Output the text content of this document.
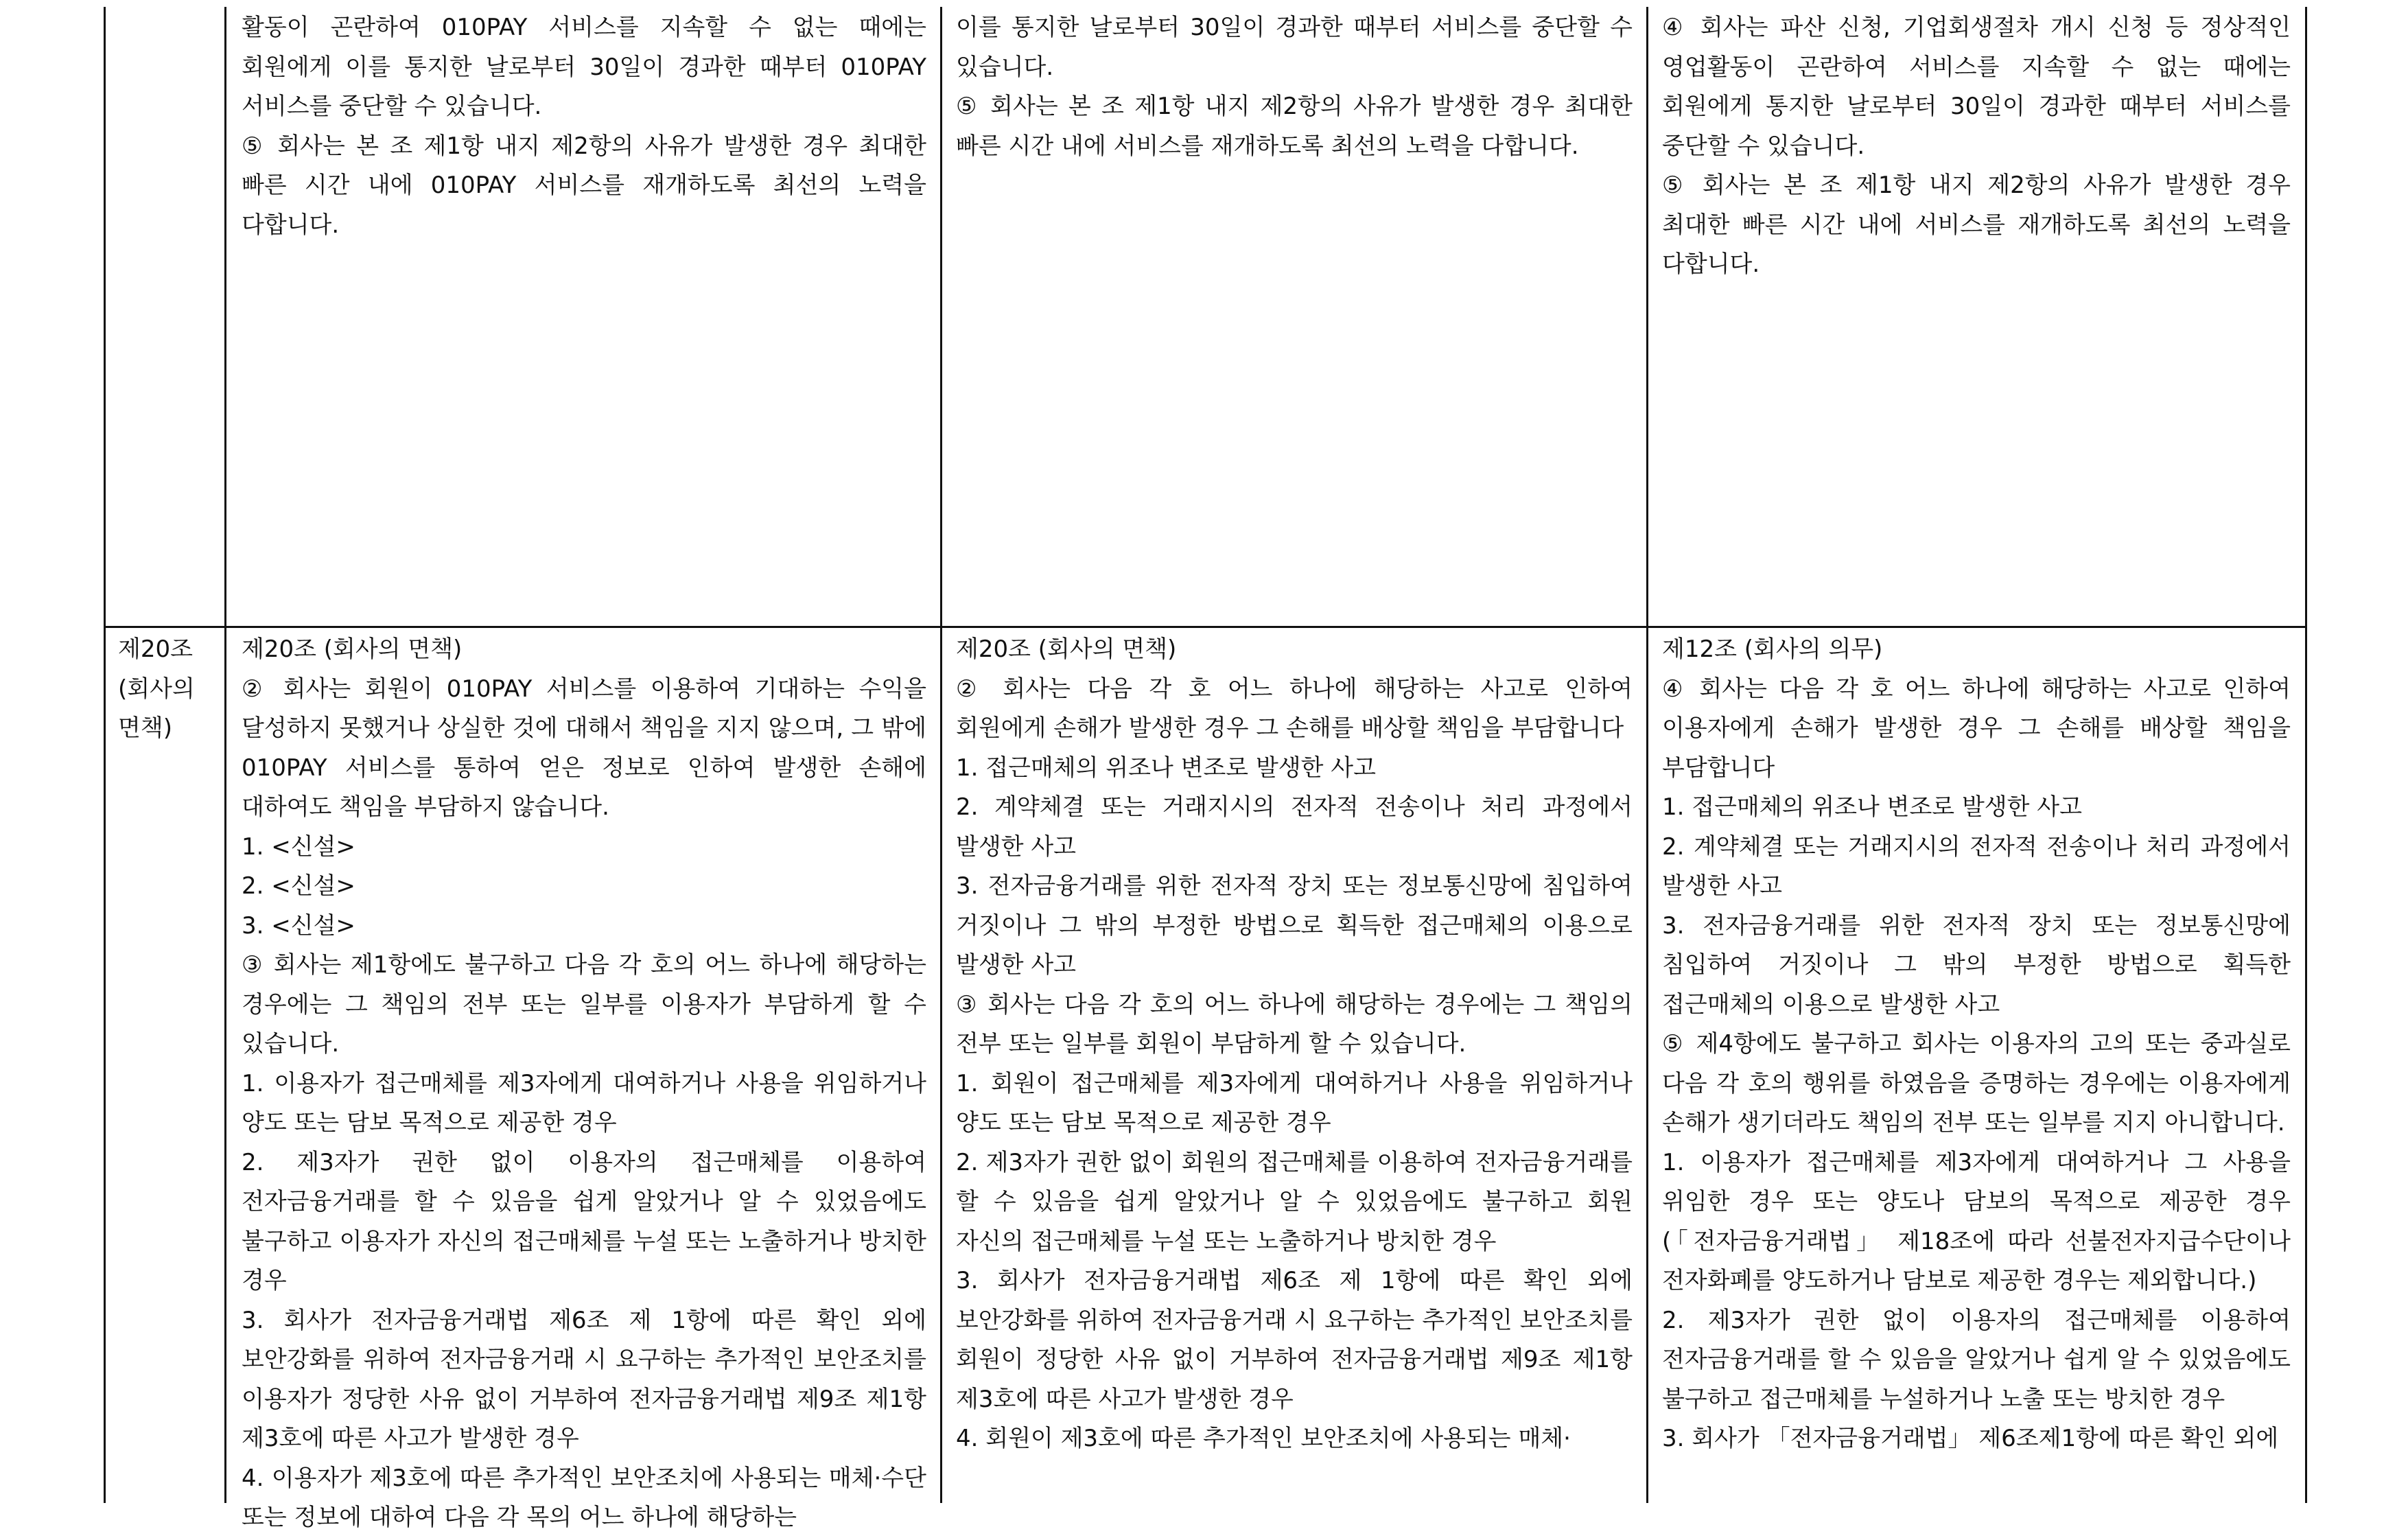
활동이 곤란하여 010PAY 서비스를 지속할 수 없는 때에는 회원에게 이를 통지한 날로부터 30일이 경과한 때부터 010PAY 서비스를 중단할 수 있습니다.
⑤ 회사는 본 조 제1항 내지 제2항의 사유가 발생한 경우 최대한 빠른 시간 내에 010PAY 서비스를 재개하도록 최선의 노력을 다합니다.
이를 통지한 날로부터 30일이 경과한 때부터 서비스를 중단할 수 있습니다.
⑤ 회사는 본 조 제1항 내지 제2항의 사유가 발생한 경우 최대한 빠른 시간 내에 서비스를 재개하도록 최선의 노력을 다합니다.
④ 회사는 파산 신청, 기업회생절차 개시 신청 등 정상적인 영업활동이 곤란하여 서비스를 지속할 수 없는 때에는 회원에게 통지한 날로부터 30일이 경과한 때부터 서비스를 중단할 수 있습니다.
⑤ 회사는 본 조 제1항 내지 제2항의 사유가 발생한 경우 최대한 빠른 시간 내에 서비스를 재개하도록 최선의 노력을 다합니다.
제20조
(회사의
면책)
제20조 (회사의 면책)
② 회사는 회원이 010PAY 서비스를 이용하여 기대하는 수익을 달성하지 못했거나 상실한 것에 대해서 책임을 지지 않으며, 그 밖에 010PAY 서비스를 통하여 얻은 정보로 인하여 발생한 손해에 대하여도 책임을 부담하지 않습니다.
1. <신설>
2. <신설>
3. <신설>
③ 회사는 제1항에도 불구하고 다음 각 호의 어느 하나에 해당하는 경우에는 그 책임의 전부 또는 일부를 이용자가 부담하게 할 수 있습니다.
1. 이용자가 접근매체를 제3자에게 대여하거나 사용을 위임하거나 양도 또는 담보 목적으로 제공한 경우
2. 제3자가 권한 없이 이용자의 접근매체를 이용하여 전자금융거래를 할 수 있음을 쉽게 알았거나 알 수 있었음에도 불구하고 이용자가 자신의 접근매체를 누설 또는 노출하거나 방치한 경우
3. 회사가 전자금융거래법 제6조 제 1항에 따른 확인 외에 보안강화를 위하여 전자금융거래 시 요구하는 추가적인 보안조치를 이용자가 정당한 사유 없이 거부하여 전자금융거래법 제9조 제1항 제3호에 따른 사고가 발생한 경우
4. 이용자가 제3호에 따른 추가적인 보안조치에 사용되는 매체·수단 또는 정보에 대하여 다음 각 목의 어느 하나에 해당하는
제20조 (회사의 면책)
② 회사는 다음 각 호 어느 하나에 해당하는 사고로 인하여 회원에게 손해가 발생한 경우 그 손해를 배상할 책임을 부담합니다
1. 접근매체의 위조나 변조로 발생한 사고
2. 계약체결 또는 거래지시의 전자적 전송이나 처리 과정에서 발생한 사고
3. 전자금융거래를 위한 전자적 장치 또는 정보통신망에 침입하여 거짓이나 그 밖의 부정한 방법으로 획득한 접근매체의 이용으로 발생한 사고
③ 회사는 다음 각 호의 어느 하나에 해당하는 경우에는 그 책임의 전부 또는 일부를 회원이 부담하게 할 수 있습니다.
1. 회원이 접근매체를 제3자에게 대여하거나 사용을 위임하거나 양도 또는 담보 목적으로 제공한 경우
2. 제3자가 권한 없이 회원의 접근매체를 이용하여 전자금융거래를 할 수 있음을 쉽게 알았거나 알 수 있었음에도 불구하고 회원 자신의 접근매체를 누설 또는 노출하거나 방치한 경우
3. 회사가 전자금융거래법 제6조 제 1항에 따른 확인 외에 보안강화를 위하여 전자금융거래 시 요구하는 추가적인 보안조치를 회원이 정당한 사유 없이 거부하여 전자금융거래법 제9조 제1항 제3호에 따른 사고가 발생한 경우
4. 회원이 제3호에 따른 추가적인 보안조치에 사용되는 매체·
제12조 (회사의 의무)
④ 회사는 다음 각 호 어느 하나에 해당하는 사고로 인하여 이용자에게 손해가 발생한 경우 그 손해를 배상할 책임을 부담합니다
1. 접근매체의 위조나 변조로 발생한 사고
2. 계약체결 또는 거래지시의 전자적 전송이나 처리 과정에서 발생한 사고
3. 전자금융거래를 위한 전자적 장치 또는 정보통신망에 침입하여 거짓이나 그 밖의 부정한 방법으로 획득한 접근매체의 이용으로 발생한 사고
⑤ 제4항에도 불구하고 회사는 이용자의 고의 또는 중과실로 다음 각 호의 행위를 하였음을 증명하는 경우에는 이용자에게 손해가 생기더라도 책임의 전부 또는 일부를 지지 아니합니다.
1. 이용자가 접근매체를 제3자에게 대여하거나 그 사용을 위임한 경우 또는 양도나 담보의 목적으로 제공한 경우(「전자금융거래법」 제18조에 따라 선불전자지급수단이나 전자화폐를 양도하거나 담보로 제공한 경우는 제외합니다.)
2. 제3자가 권한 없이 이용자의 접근매체를 이용하여 전자금융거래를 할 수 있음을 알았거나 쉽게 알 수 있었음에도 불구하고 접근매체를 누설하거나 노출 또는 방치한 경우
3. 회사가 「전자금융거래법」 제6조제1항에 따른 확인 외에
